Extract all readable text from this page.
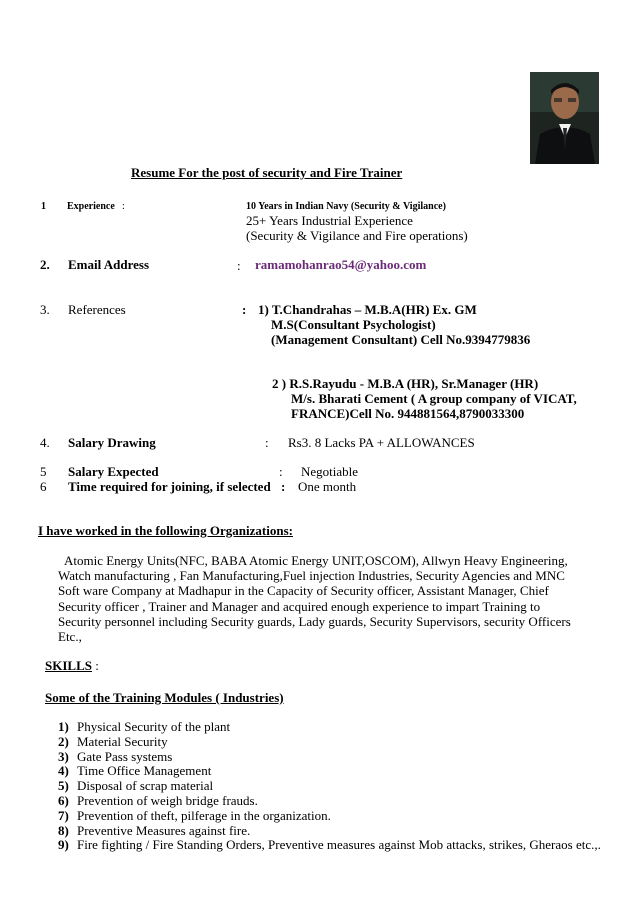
Resume For the post of security and Fire Trainer
1 Experience :	10 Years in Indian Navy (Security & Vigilance)
25+ Years Industrial Experience
(Security & Vigilance and Fire operations)
2. Email Address	: ramamohanrao54@yahoo.com
3. References	: 1) T.Chandrahas – M.B.A(HR) Ex. GM
M.S(Consultant Psychologist)
(Management Consultant) Cell No.9394779836
2 ) R.S.Rayudu - M.B.A (HR), Sr.Manager (HR)
M/s. Bharati Cement ( A group company of VICAT,
FRANCE)Cell No. 944881564,8790033300
4. Salary Drawing	: Rs3. 8 Lacks PA + ALLOWANCES
5 Salary Expected	: Negotiable
6 Time required for joining, if selected : One month
I have worked in the following Organizations:
Atomic Energy Units(NFC, BABA Atomic Energy UNIT,OSCOM), Allwyn Heavy Engineering, Watch manufacturing , Fan Manufacturing,Fuel injection Industries, Security Agencies and MNC Soft ware Company at Madhapur in the Capacity of Security officer, Assistant Manager, Chief Security officer , Trainer and Manager and acquired enough experience to impart Training to Security personnel including Security guards, Lady guards, Security Supervisors, security Officers Etc.,
SKILLS :
Some of the Training Modules ( Industries)
1) Physical Security of the plant
2) Material Security
3) Gate Pass systems
4) Time Office Management
5) Disposal of scrap material
6) Prevention of weigh bridge frauds.
7) Prevention of theft, pilferage in the organization.
8) Preventive Measures against fire.
9) Fire fighting / Fire Standing Orders, Preventive measures against Mob attacks, strikes, Gheraos etc.,.
